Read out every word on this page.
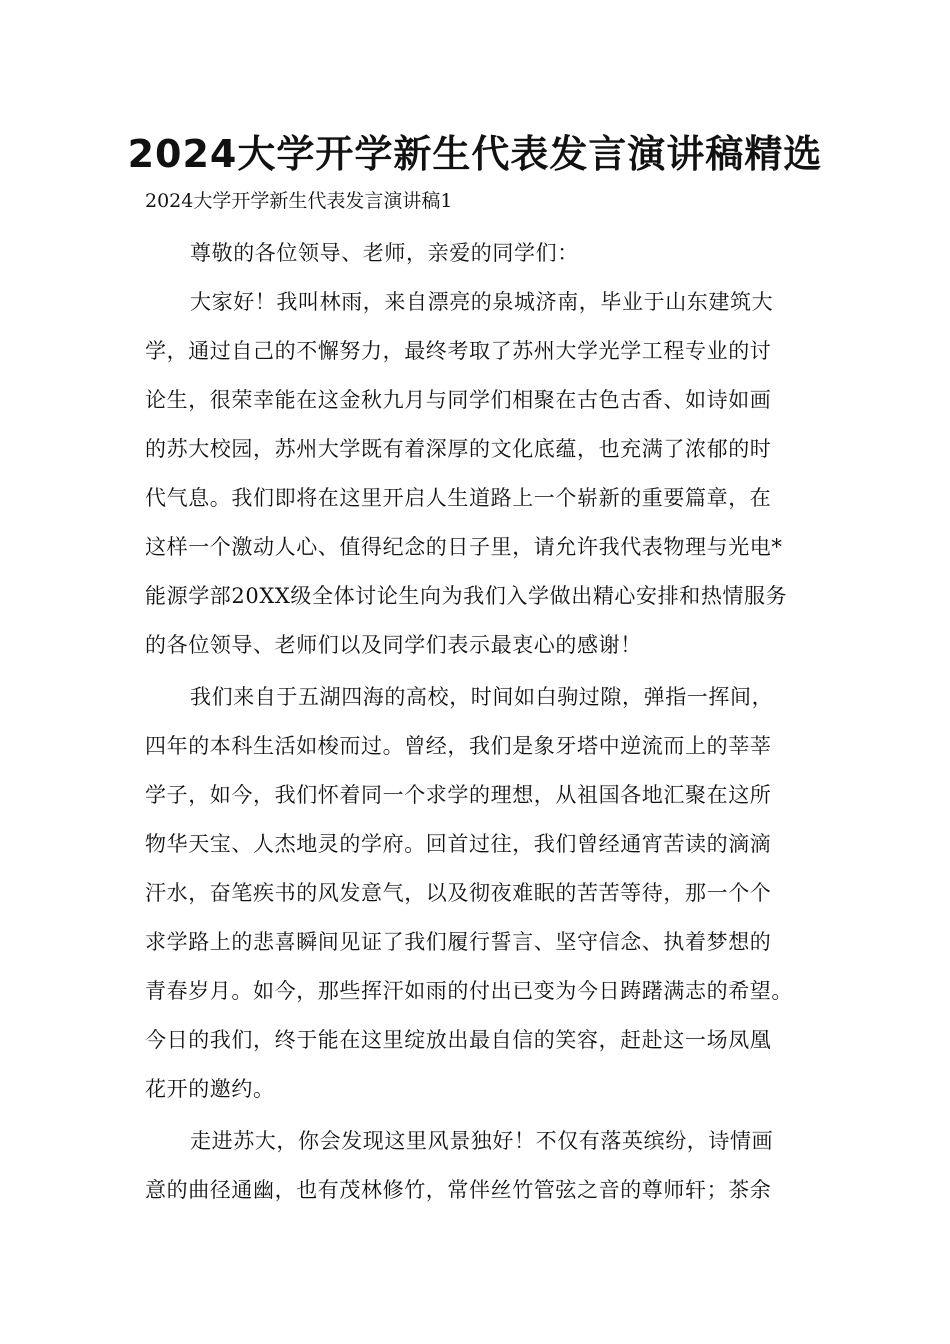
2024大学开学新生代表发言演讲稿精选

2024大学开学新生代表发言演讲稿1

尊敬的各位领导、老师，亲爱的同学们：

大家好！我叫林雨，来自漂亮的泉城济南，毕业于山东建筑大

学，通过自己的不懈努力，最终考取了苏州大学光学工程专业的讨

论生，很荣幸能在这金秋九月与同学们相聚在古色古香、如诗如画

的苏大校园，苏州大学既有着深厚的文化底蕴，也充满了浓郁的时

代气息。我们即将在这里开启人生道路上一个崭新的重要篇章，在

这样一个激动人心、值得纪念的日子里，请允许我代表物理与光电*

能源学部20XX级全体讨论生向为我们入学做出精心安排和热情服务

的各位领导、老师们以及同学们表示最衷心的感谢！

我们来自于五湖四海的高校，时间如白驹过隙，弹指一挥间，

四年的本科生活如梭而过。曾经，我们是象牙塔中逆流而上的莘莘

学子，如今，我们怀着同一个求学的理想，从祖国各地汇聚在这所

物华天宝、人杰地灵的学府。回首过往，我们曾经通宵苦读的滴滴

汗水，奋笔疾书的风发意气，以及彻夜难眠的苦苦等待，那一个个

求学路上的悲喜瞬间见证了我们履行誓言、坚守信念、执着梦想的

青春岁月。如今，那些挥汗如雨的付出已变为今日踌躇满志的希望。

今日的我们，终于能在这里绽放出最自信的笑容，赶赴这一场凤凰

花开的邀约。

走进苏大，你会发现这里风景独好！不仅有落英缤纷，诗情画

意的曲径通幽，也有茂林修竹，常伴丝竹管弦之音的尊师轩；茶余
